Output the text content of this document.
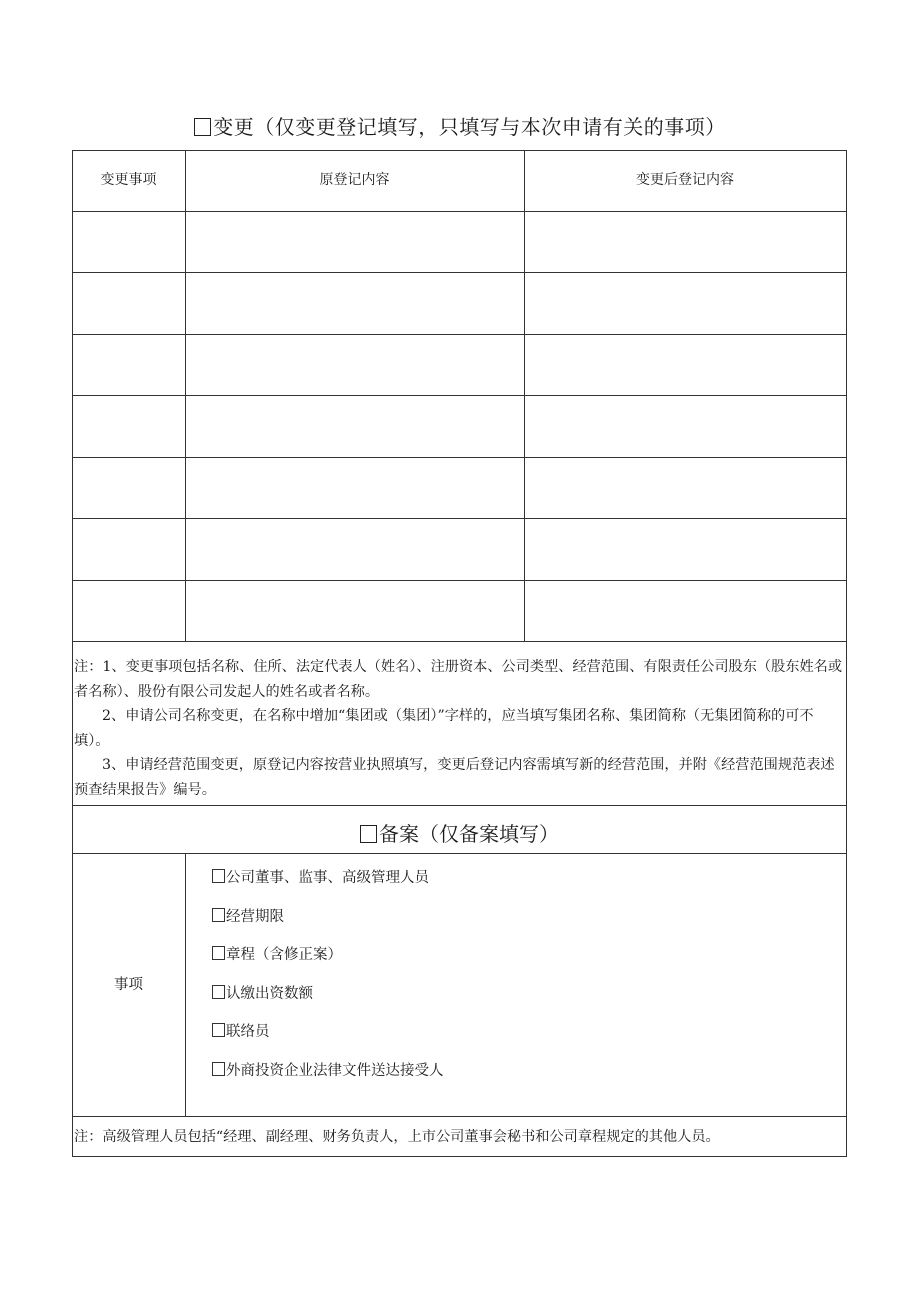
变更（仅变更登记填写，只填写与本次申请有关的事项）
变更事项	原登记内容	变更后登记内容

注：1、变更事项包括名称、住所、法定代表人（姓名）、注册资本、公司类型、经营范围、有限责任公司股东（股东姓名或者名称）、股份有限公司发起人的姓名或者名称。

2、申请公司名称变更，在名称中增加“集团或（集团）”字样的，应当填写集团名称、集团简称（无集团简称的可不填）。

3、申请经营范围变更，原登记内容按营业执照填写，变更后登记内容需填写新的经营范围，并附《经营范围规范表述预查结果报告》编号。

备案（仅备案填写）
事项
公司董事、监事、高级管理人员
经营期限
章程（含修正案）
认缴出资数额
联络员
外商投资企业法律文件送达接受人
注：高级管理人员包括“经理、副经理、财务负责人，上市公司董事会秘书和公司章程规定的其他人员。
